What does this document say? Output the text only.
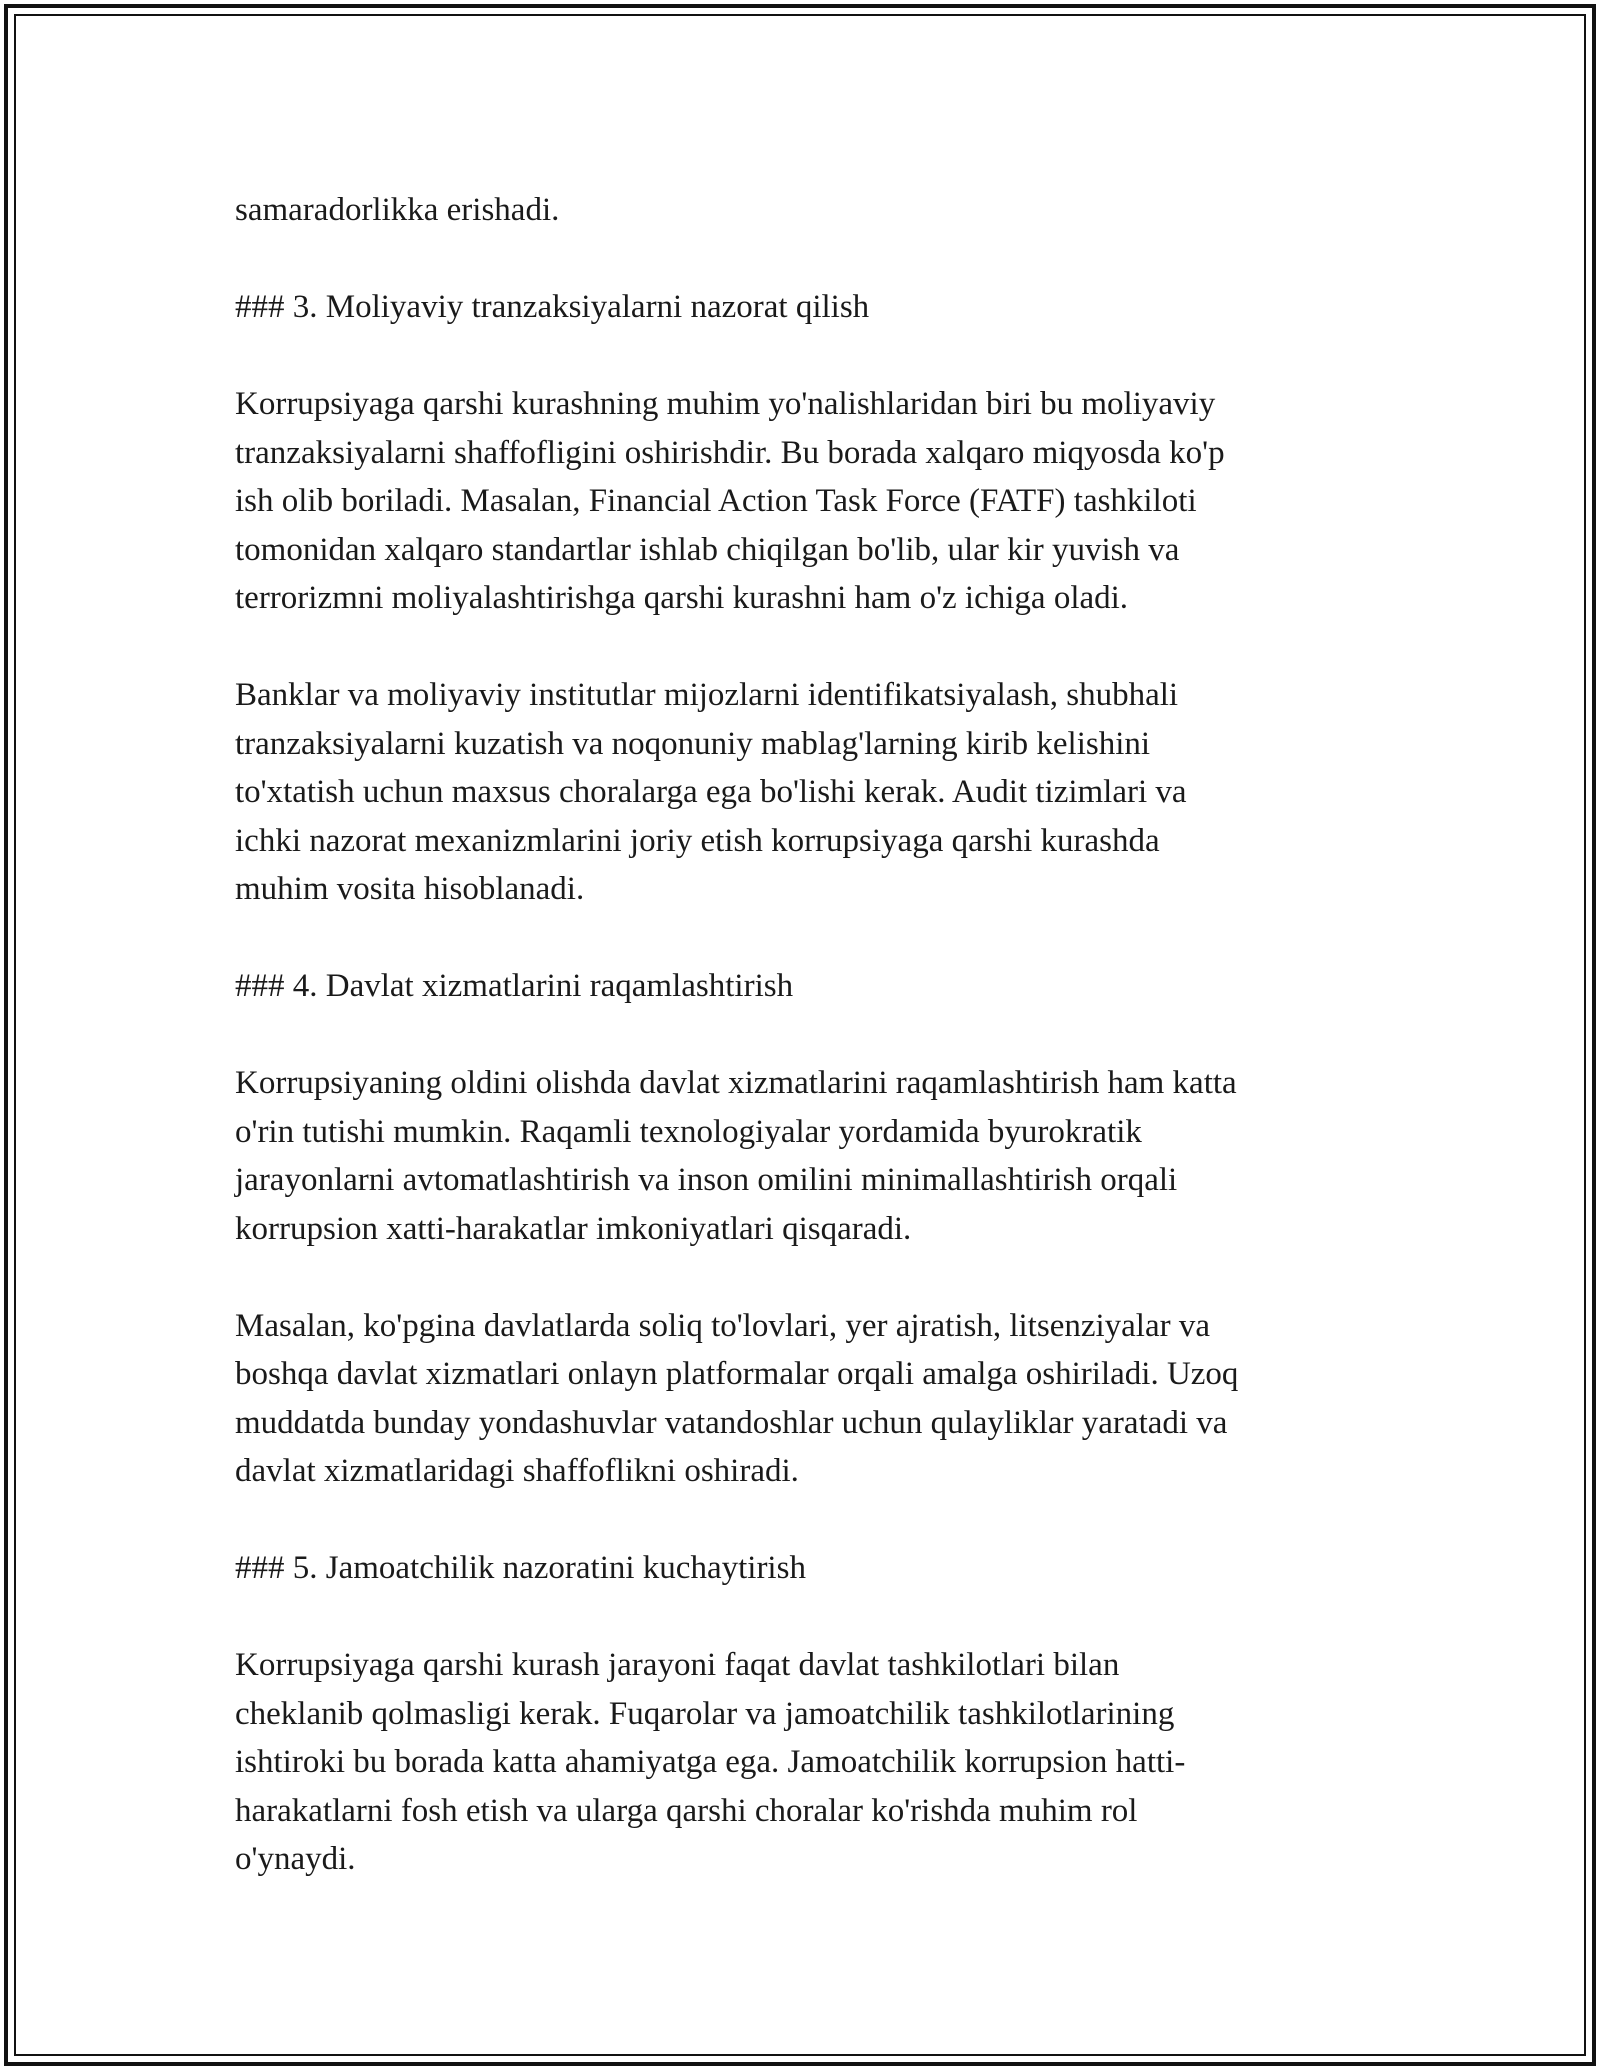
samaradorlikka erishadi.

### 3. Moliyaviy tranzaksiyalarni nazorat qilish

Korrupsiyaga qarshi kurashning muhim yo'nalishlaridan biri bu moliyaviy
tranzaksiyalarni shaffofligini oshirishdir. Bu borada xalqaro miqyosda ko'p
ish olib boriladi. Masalan, Financial Action Task Force (FATF) tashkiloti
tomonidan xalqaro standartlar ishlab chiqilgan bo'lib, ular kir yuvish va
terrorizmni moliyalashtirishga qarshi kurashni ham o'z ichiga oladi.

Banklar va moliyaviy institutlar mijozlarni identifikatsiyalash, shubhali
tranzaksiyalarni kuzatish va noqonuniy mablag'larning kirib kelishini
to'xtatish uchun maxsus choralarga ega bo'lishi kerak. Audit tizimlari va
ichki nazorat mexanizmlarini joriy etish korrupsiyaga qarshi kurashda
muhim vosita hisoblanadi.

### 4. Davlat xizmatlarini raqamlashtirish

Korrupsiyaning oldini olishda davlat xizmatlarini raqamlashtirish ham katta
o'rin tutishi mumkin. Raqamli texnologiyalar yordamida byurokratik
jarayonlarni avtomatlashtirish va inson omilini minimallashtirish orqali
korrupsion xatti-harakatlar imkoniyatlari qisqaradi.

Masalan, ko'pgina davlatlarda soliq to'lovlari, yer ajratish, litsenziyalar va
boshqa davlat xizmatlari onlayn platformalar orqali amalga oshiriladi. Uzoq
muddatda bunday yondashuvlar vatandoshlar uchun qulayliklar yaratadi va
davlat xizmatlaridagi shaffoflikni oshiradi.

### 5. Jamoatchilik nazoratini kuchaytirish

Korrupsiyaga qarshi kurash jarayoni faqat davlat tashkilotlari bilan
cheklanib qolmasligi kerak. Fuqarolar va jamoatchilik tashkilotlarining
ishtiroki bu borada katta ahamiyatga ega. Jamoatchilik korrupsion hatti-
harakatlarni fosh etish va ularga qarshi choralar ko'rishda muhim rol
o'ynaydi.
